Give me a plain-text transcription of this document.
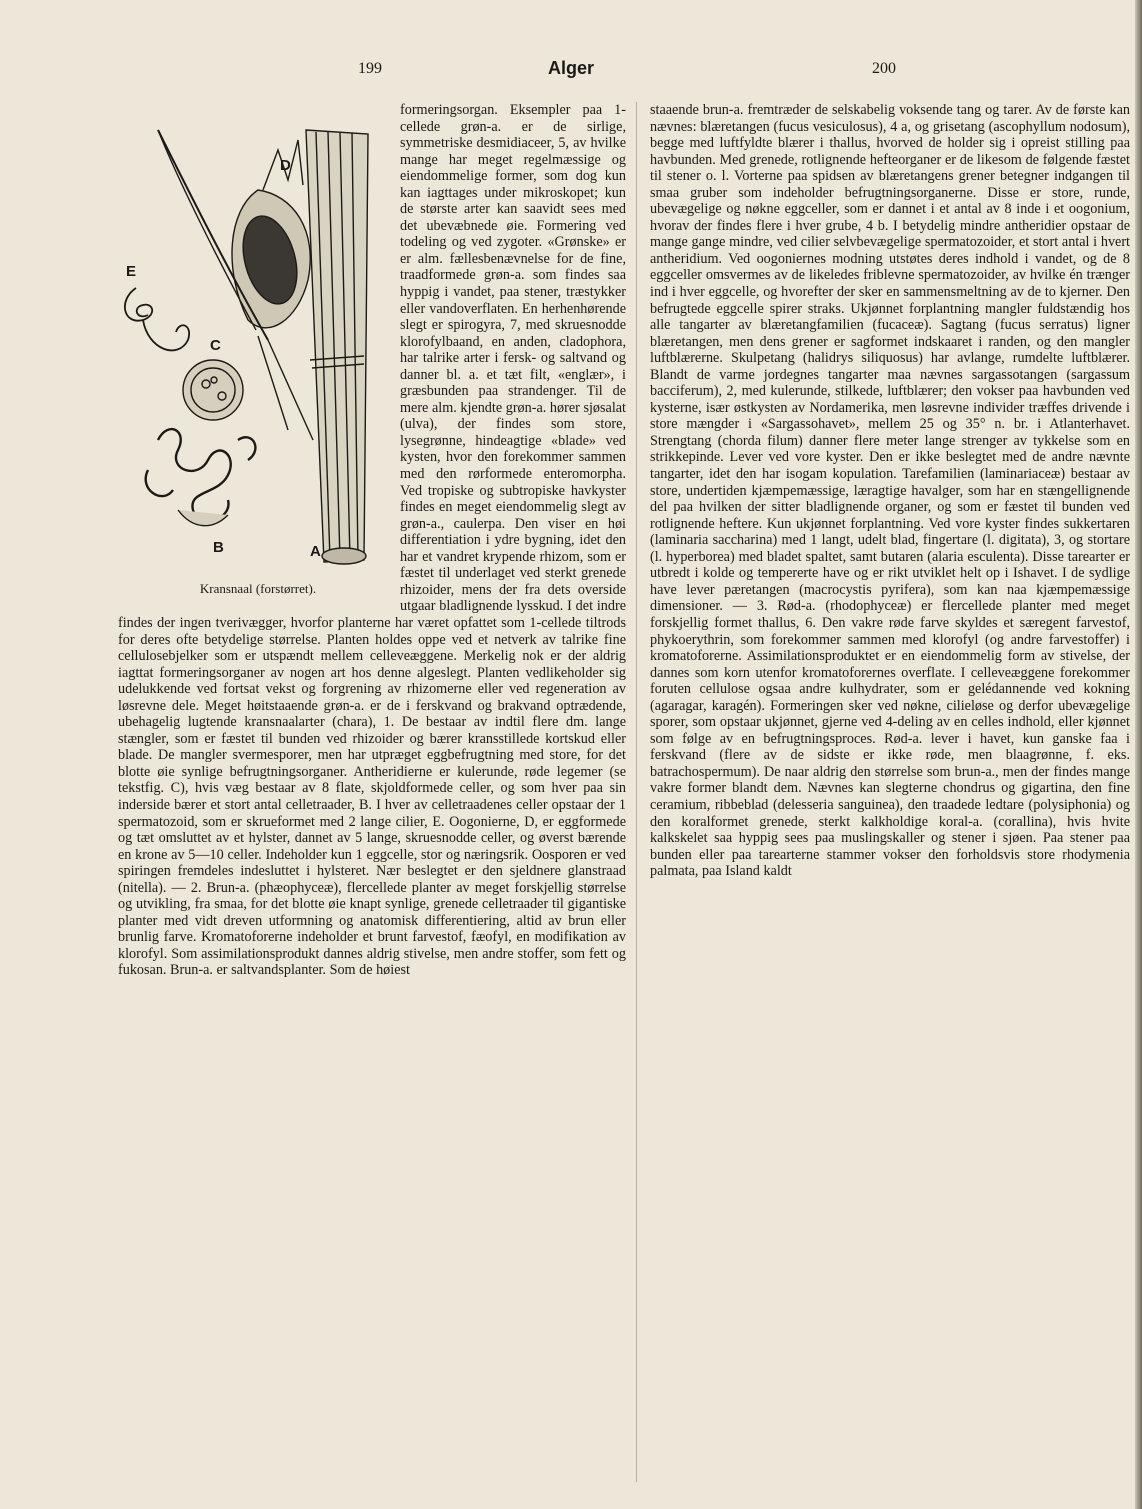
199	Alger	200
D
E
C
B	A
Kransnaal (forstørret).

formeringsorgan. Eksempler paa 1-cellede grøn-a. er de sirlige, symmetriske desmidiaceer, 5, av hvilke mange har meget regelmæssige og eiendommelige former, som dog kun kan iagttages under mikroskopet; kun de største arter kan saavidt sees med det ubevæbnede øie. Formering ved todeling og ved zygoter. «Grønske» er er alm. fællesbenævnelse for de fine, traadformede grøn-a. som findes saa hyppig i vandet, paa stener, træstykker eller vandoverflaten. En herhenhørende slegt er spirogyra, 7, med skruesnodde klorofylbaand, en anden, cladophora, har talrike arter i fersk- og saltvand og danner bl. a. et tæt filt, «englær», i græsbunden paa strandenger. Til de mere alm. kjendte grøn-a. hører sjøsalat (ulva), der findes som store, lysegrønne, hindeagtige «blade» ved kysten, hvor den forekommer sammen med den rørformede enteromorpha. Ved tropiske og subtropiske havkyster findes en meget eiendommelig slegt av grøn-a., caulerpa. Den viser en høi differentiation i ydre bygning, idet den har et vandret krypende rhizom, som er fæstet til underlaget ved sterkt grenede rhizoider, mens der fra dets overside utgaar bladlignende lysskud. I det indre findes der ingen tverivægger, hvorfor planterne har været opfattet som 1-cellede tiltrods for deres ofte betydelige størrelse. Planten holdes oppe ved et netverk av talrike fine cellulosebjelker som er utspændt mellem celleveæggene. Merkelig nok er der aldrig iagttat formeringsorganer av nogen art hos denne algeslegt. Planten vedlikeholder sig udelukkende ved fortsat vekst og forgrening av rhizomerne eller ved regeneration av løsrevne dele. Meget høitstaaende grøn-a. er de i ferskvand og brakvand optrædende, ubehagelig lugtende kransnaalarter (chara), 1. De bestaar av indtil flere dm. lange stængler, som er fæstet til bunden ved rhizoider og bærer kransstillede kortskud eller blade. De mangler svermesporer, men har utpræget eggbefrugtning med store, for det blotte øie synlige befrugtningsorganer. Antheridierne er kulerunde, røde legemer (se tekstfig. C), hvis væg bestaar av 8 flate, skjoldformede celler, og som hver paa sin inderside bærer et stort antal celletraader, B. I hver av celletraadenes celler opstaar der 1 spermatozoid, som er skrueformet med 2 lange cilier, E. Oogonierne, D, er eggformede og tæt omsluttet av et hylster, dannet av 5 lange, skruesnodde celler, og øverst bærende en krone av 5—10 celler. Indeholder kun 1 eggcelle, stor og næringsrik. Oosporen er ved spiringen fremdeles indesluttet i hylsteret. Nær beslegtet er den sjeldnere glanstraad (nitella). — 2. Brun-a. (phæophyceæ), flercellede planter av meget forskjellig størrelse og utvikling, fra smaa, for det blotte øie knapt synlige, grenede celletraader til gigantiske planter med vidt dreven utformning og anatomisk differentiering, altid av brun eller brunlig farve. Kromatoforerne indeholder et brunt farvestof, fæofyl, en modifikation av klorofyl. Som assimilationsprodukt dannes aldrig stivelse, men andre stoffer, som fett og fukosan. Brun-a. er saltvandsplanter. Som de høiest

staaende brun-a. fremtræder de selskabelig voksende tang og tarer. Av de første kan nævnes: blæretangen (fucus vesiculosus), 4 a, og grisetang (ascophyllum nodosum), begge med luftfyldte blærer i thallus, hvorved de holder sig i opreist stilling paa havbunden. Med grenede, rotlignende hefteorganer er de likesom de følgende fæstet til stener o. l. Vorterne paa spidsen av blæretangens grener betegner indgangen til smaa gruber som indeholder befrugtningsorganerne. Disse er store, runde, ubevægelige og nøkne eggceller, som er dannet i et antal av 8 inde i et oogonium, hvorav der findes flere i hver grube, 4 b. I betydelig mindre antheridier opstaar de mange gange mindre, ved cilier selvbevægelige spermatozoider, et stort antal i hvert antheridium. Ved oogoniernes modning utstøtes deres indhold i vandet, og de 8 eggceller omsvermes av de likeledes friblevne spermatozoider, av hvilke én trænger ind i hver eggcelle, og hvorefter der sker en sammensmeltning av de to kjerner. Den befrugtede eggcelle spirer straks. Ukjønnet forplantning mangler fuldstændig hos alle tangarter av blæretangfamilien (fucaceæ). Sagtang (fucus serratus) ligner blæretangen, men dens grener er sagformet indskaaret i randen, og den mangler luftblærerne. Skulpetang (halidrys siliquosus) har avlange, rumdelte luftblærer. Blandt de varme jordegnes tangarter maa nævnes sargassotangen (sargassum bacciferum), 2, med kulerunde, stilkede, luftblærer; den vokser paa havbunden ved kysterne, især østkysten av Nordamerika, men løsrevne individer træffes drivende i store mængder i «Sargassohavet», mellem 25 og 35° n. br. i Atlanterhavet. Strengtang (chorda filum) danner flere meter lange strenger av tykkelse som en strikkepinde. Lever ved vore kyster. Den er ikke beslegtet med de andre nævnte tangarter, idet den har isogam kopulation. Tarefamilien (laminariaceæ) bestaar av store, undertiden kjæmpemæssige, læragtige havalger, som har en stængellignende del paa hvilken der sitter bladlignende organer, og som er fæstet til bunden ved rotlignende heftere. Kun ukjønnet forplantning. Ved vore kyster findes sukkertaren (laminaria saccharina) med 1 langt, udelt blad, fingertare (l. digitata), 3, og stortare (l. hyperborea) med bladet spaltet, samt butaren (alaria esculenta). Disse tarearter er utbredt i kolde og tempererte have og er rikt utviklet helt op i Ishavet. I de sydlige have lever pæretangen (macrocystis pyrifera), som kan naa kjæmpemæssige dimensioner. — 3. Rød-a. (rhodophyceæ) er flercellede planter med meget forskjellig formet thallus, 6. Den vakre røde farve skyldes et særegent farvestof, phykoerythrin, som forekommer sammen med klorofyl (og andre farvestoffer) i kromatoforerne. Assimilationsproduktet er en eiendommelig form av stivelse, der dannes som korn utenfor kromatoforernes overflate. I celleveæggene forekommer foruten cellulose ogsaa andre kulhydrater, som er gelédannende ved kokning (agaragar, karagén). Formeringen sker ved nøkne, cilieløse og derfor ubevægelige sporer, som opstaar ukjønnet, gjerne ved 4-deling av en celles indhold, eller kjønnet som følge av en befrugtningsproces. Rød-a. lever i havet, kun ganske faa i ferskvand (flere av de sidste er ikke røde, men blaagrønne, f. eks. batrachospermum). De naar aldrig den størrelse som brun-a., men der findes mange vakre former blandt dem. Nævnes kan slegterne chondrus og gigartina, den fine ceramium, ribbeblad (delesseria sanguinea), den traadede ledtare (polysiphonia) og den koralformet grenede, sterkt kalkholdige koral-a. (corallina), hvis hvite kalkskelet saa hyppig sees paa muslingskaller og stener i sjøen. Paa stener paa bunden eller paa tarearterne stammer vokser den forholdsvis store rhodymenia palmata, paa Island kaldt
